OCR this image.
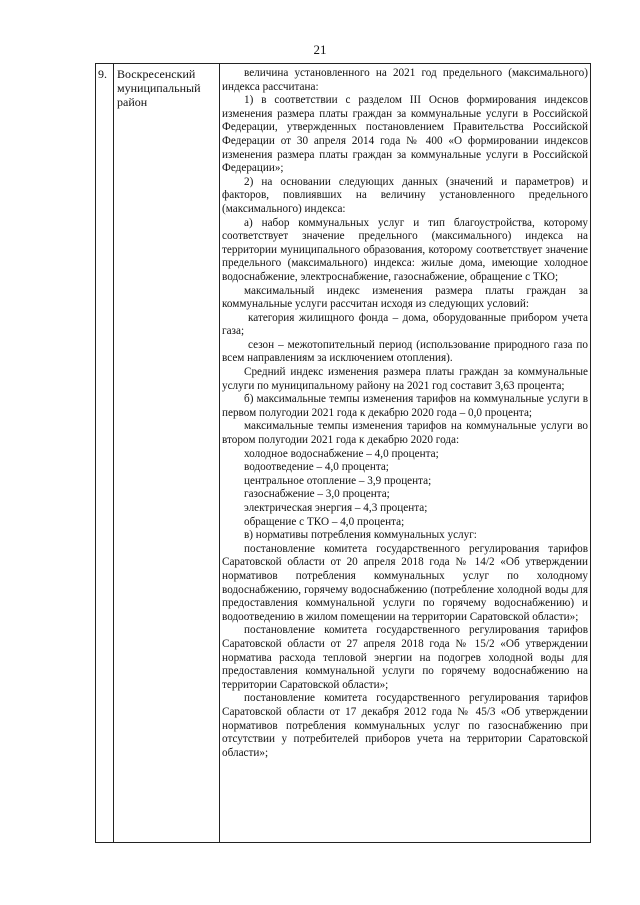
21
9. Воскресенский муниципальный район

величина установленного на 2021 год предельного (максимального) индекса рассчитана:

1) в соответствии с разделом III Основ формирования индексов изменения размера платы граждан за коммунальные услуги в Российской Федерации, утвержденных постановлением Правительства Российской Федерации от 30 апреля 2014 года № 400 «О формировании индексов изменения размера платы граждан за коммунальные услуги в Российской Федерации»;

2) на основании следующих данных (значений и параметров) и факторов, повлиявших на величину установленного предельного (максимального) индекса:

а) набор коммунальных услуг и тип благоустройства, которому соответствует значение предельного (максимального) индекса на территории муниципального образования, которому соответствует значение предельного (максимального) индекса: жилые дома, имеющие холодное водоснабжение, электроснабжение, газоснабжение, обращение с ТКО;

максимальный индекс изменения размера платы граждан за коммунальные услуги рассчитан исходя из следующих условий:

категория жилищного фонда – дома, оборудованные прибором учета газа;

сезон – межотопительный период (использование природного газа по всем направлениям за исключением отопления).

Средний индекс изменения размера платы граждан за коммунальные услуги по муниципальному району на 2021 год составит 3,63 процента;

б) максимальные темпы изменения тарифов на коммунальные услуги в первом полугодии 2021 года к декабрю 2020 года – 0,0 процента;

максимальные темпы изменения тарифов на коммунальные услуги во втором полугодии 2021 года к декабрю 2020 года:

холодное водоснабжение – 4,0 процента;

водоотведение – 4,0 процента;

центральное отопление – 3,9 процента;

газоснабжение – 3,0 процента;

электрическая энергия – 4,3 процента;

обращение с ТКО – 4,0 процента;

в) нормативы потребления коммунальных услуг:

постановление комитета государственного регулирования тарифов Саратовской области от 20 апреля 2018 года № 14/2 «Об утверждении нормативов потребления коммунальных услуг по холодному водоснабжению, горячему водоснабжению (потребление холодной воды для предоставления коммунальной услуги по горячему водоснабжению) и водоотведению в жилом помещении на территории Саратовской области»;

постановление комитета государственного регулирования тарифов Саратовской области от 27 апреля 2018 года № 15/2 «Об утверждении норматива расхода тепловой энергии на подогрев холодной воды для предоставления коммунальной услуги по горячему водоснабжению на территории Саратовской области»;

постановление комитета государственного регулирования тарифов Саратовской области от 17 декабря 2012 года № 45/3 «Об утверждении нормативов потребления коммунальных услуг по газоснабжению при отсутствии у потребителей приборов учета на территории Саратовской области»;
